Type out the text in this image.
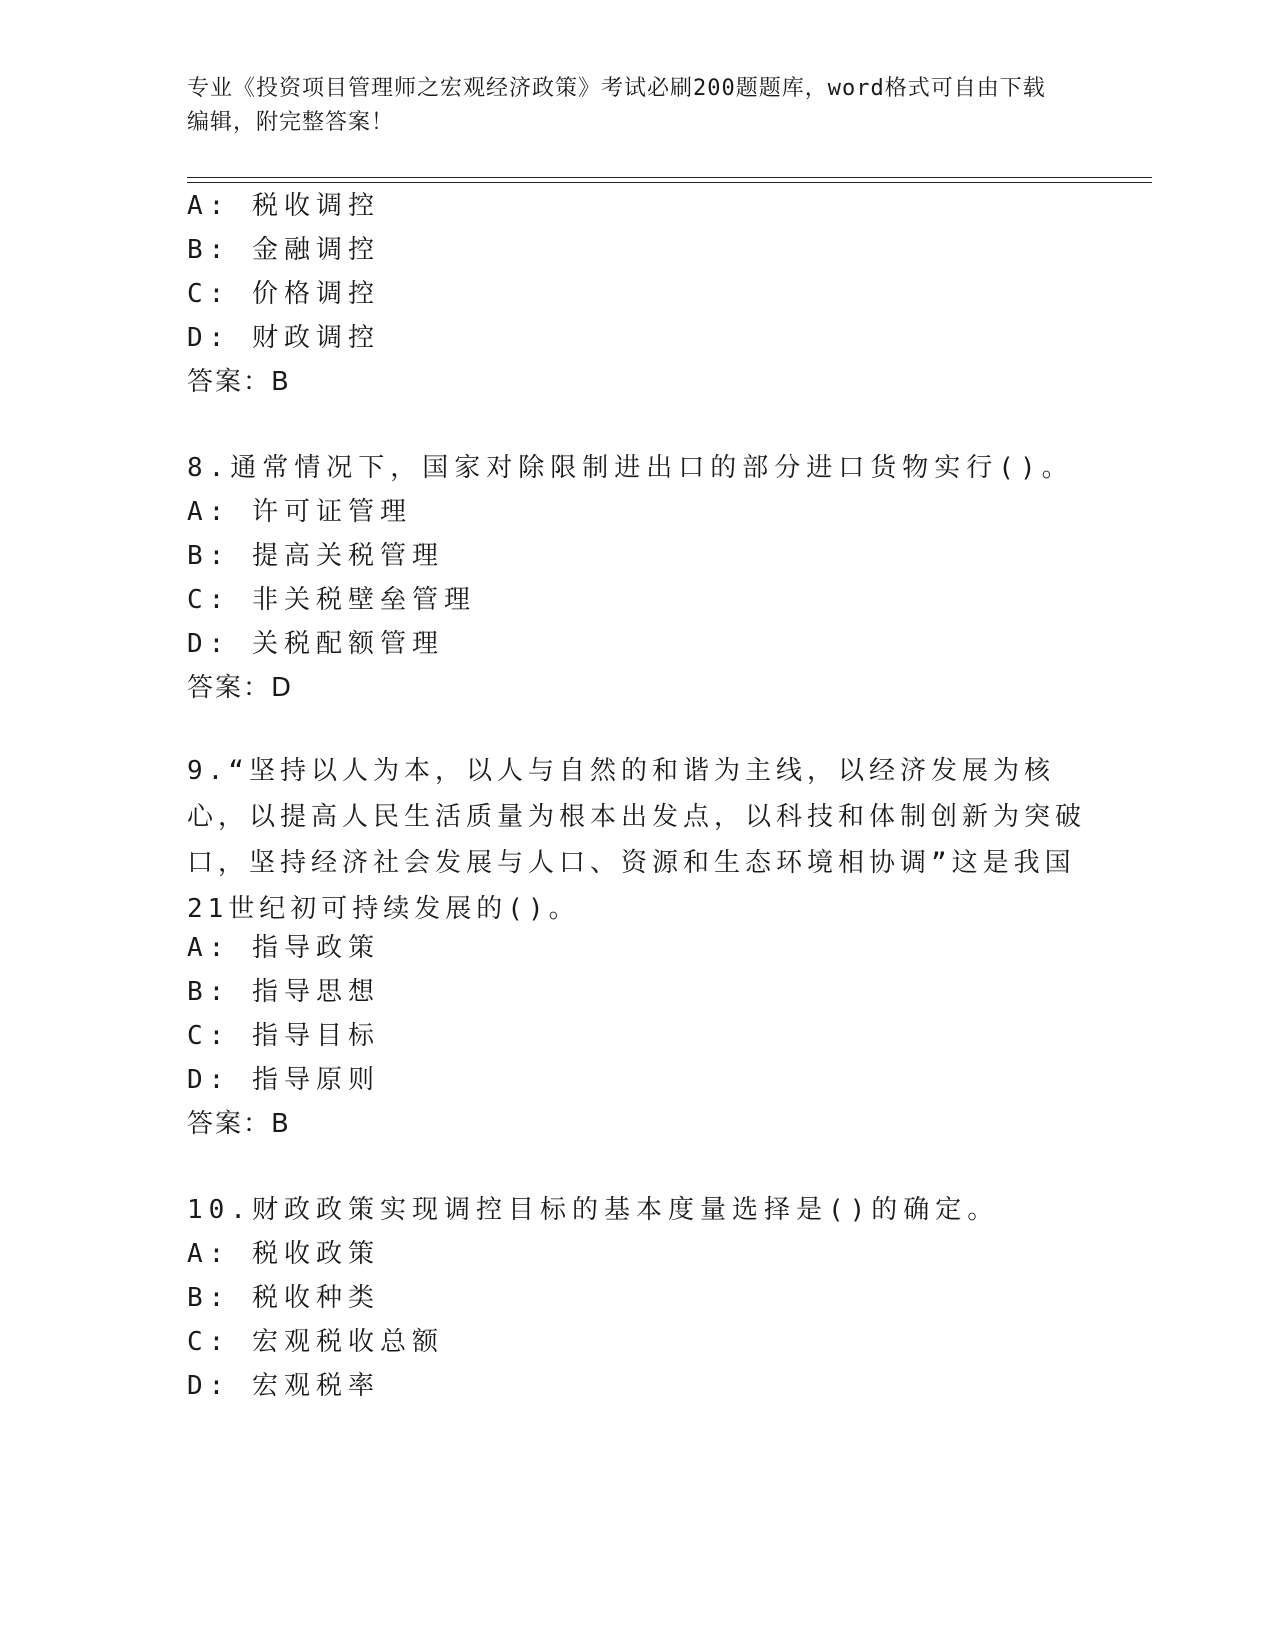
专业《投资项目管理师之宏观经济政策》考试必刷200题题库，word格式可自由下载编辑，附完整答案！
A: 税收调控
B: 金融调控
C: 价格调控
D: 财政调控
答案：B
8.通常情况下，国家对除限制进出口的部分进口货物实行()。
A: 许可证管理
B: 提高关税管理
C: 非关税壁垒管理
D: 关税配额管理
答案：D
9.“坚持以人为本，以人与自然的和谐为主线，以经济发展为核心，以提高人民生活质量为根本出发点，以科技和体制创新为突破口，坚持经济社会发展与人口、资源和生态环境相协调”这是我国21世纪初可持续发展的()。
A: 指导政策
B: 指导思想
C: 指导目标
D: 指导原则
答案：B
10.财政政策实现调控目标的基本度量选择是()的确定。
A: 税收政策
B: 税收种类
C: 宏观税收总额
D: 宏观税率
